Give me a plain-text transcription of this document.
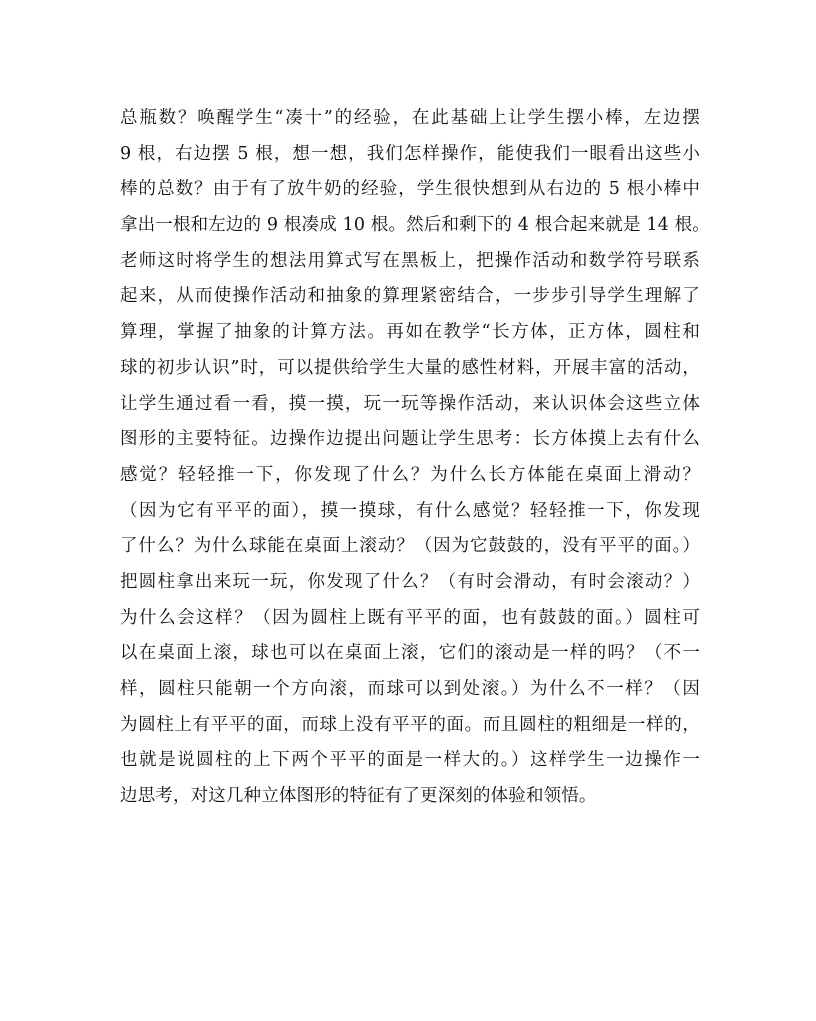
总瓶数？唤醒学生“凑十”的经验，在此基础上让学生摆小棒，左边摆
9 根，右边摆 5 根，想一想，我们怎样操作，能使我们一眼看出这些小
棒的总数？由于有了放牛奶的经验，学生很快想到从右边的 5 根小棒中
拿出一根和左边的 9 根凑成 10 根。然后和剩下的 4 根合起来就是 14 根。
老师这时将学生的想法用算式写在黑板上，把操作活动和数学符号联系
起来，从而使操作活动和抽象的算理紧密结合，一步步引导学生理解了
算理，掌握了抽象的计算方法。再如在教学“长方体，正方体，圆柱和
球的初步认识”时，可以提供给学生大量的感性材料，开展丰富的活动，
让学生通过看一看，摸一摸，玩一玩等操作活动，来认识体会这些立体
图形的主要特征。边操作边提出问题让学生思考：长方体摸上去有什么
感觉？轻轻推一下，你发现了什么？为什么长方体能在桌面上滑动？
（因为它有平平的面），摸一摸球，有什么感觉？轻轻推一下，你发现
了什么？为什么球能在桌面上滚动？（因为它鼓鼓的，没有平平的面。）
把圆柱拿出来玩一玩，你发现了什么？（有时会滑动，有时会滚动？）
为什么会这样？（因为圆柱上既有平平的面，也有鼓鼓的面。）圆柱可
以在桌面上滚，球也可以在桌面上滚，它们的滚动是一样的吗？（不一
样，圆柱只能朝一个方向滚，而球可以到处滚。）为什么不一样？（因
为圆柱上有平平的面，而球上没有平平的面。而且圆柱的粗细是一样的，
也就是说圆柱的上下两个平平的面是一样大的。）这样学生一边操作一
边思考，对这几种立体图形的特征有了更深刻的体验和领悟。
